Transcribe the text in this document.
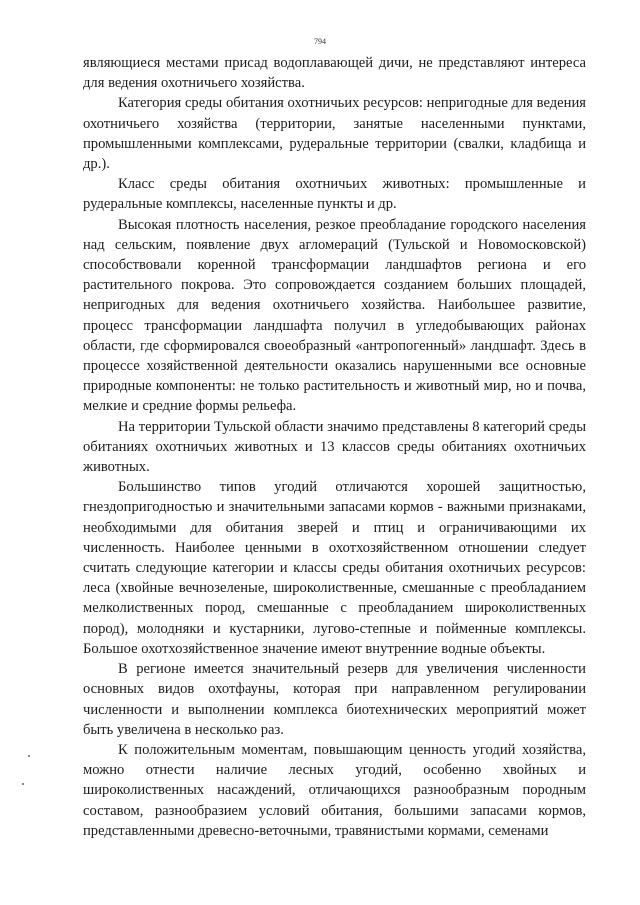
794

являющиеся местами присад водоплавающей дичи, не представляют интереса для ведения охотничьего хозяйства.

Категория среды обитания охотничьих ресурсов: непригодные для ведения охотничьего хозяйства (территории, занятые населенными пунктами, промышленными комплексами, рудеральные территории (свалки, кладбища и др.).

Класс среды обитания охотничьих животных: промышленные и рудеральные комплексы, населенные пункты и др.

Высокая плотность населения, резкое преобладание городского населения над сельским, появление двух агломераций (Тульской и Новомосковской) способствовали коренной трансформации ландшафтов региона и его растительного покрова. Это сопровождается созданием больших площадей, непригодных для ведения охотничьего хозяйства. Наибольшее развитие, процесс трансформации ландшафта получил в угледобывающих районах области, где сформировался своеобразный «антропогенный» ландшафт. Здесь в процессе хозяйственной деятельности оказались нарушенными все основные природные компоненты: не только растительность и животный мир, но и почва, мелкие и средние формы рельефа.

На территории Тульской области значимо представлены 8 категорий среды обитаниях охотничьих животных и 13 классов среды обитаниях охотничьих животных.

Большинство типов угодий отличаются хорошей защитностью, гнездопригодностью и значительными запасами кормов - важными признаками, необходимыми для обитания зверей и птиц и ограничивающими их численность. Наиболее ценными в охотхозяйственном отношении следует считать следующие категории и классы среды обитания охотничьих ресурсов: леса (хвойные вечнозеленые, широколиственные, смешанные с преобладанием мелколиственных пород, смешанные с преобладанием широколиственных пород), молодняки и кустарники, лугово-степные и пойменные комплексы. Большое охотхозяйственное значение имеют внутренние водные объекты.

В регионе имеется значительный резерв для увеличения численности основных видов охотфауны, которая при направленном регулировании численности и выполнении комплекса биотехнических мероприятий может быть увеличена в несколько раз.

К положительным моментам, повышающим ценность угодий хозяйства, можно отнести наличие лесных угодий, особенно хвойных и широколиственных насаждений, отличающихся разнообразным породным составом, разнообразием условий обитания, большими запасами кормов, представленными древесно-веточными, травянистыми кормами, семенами
